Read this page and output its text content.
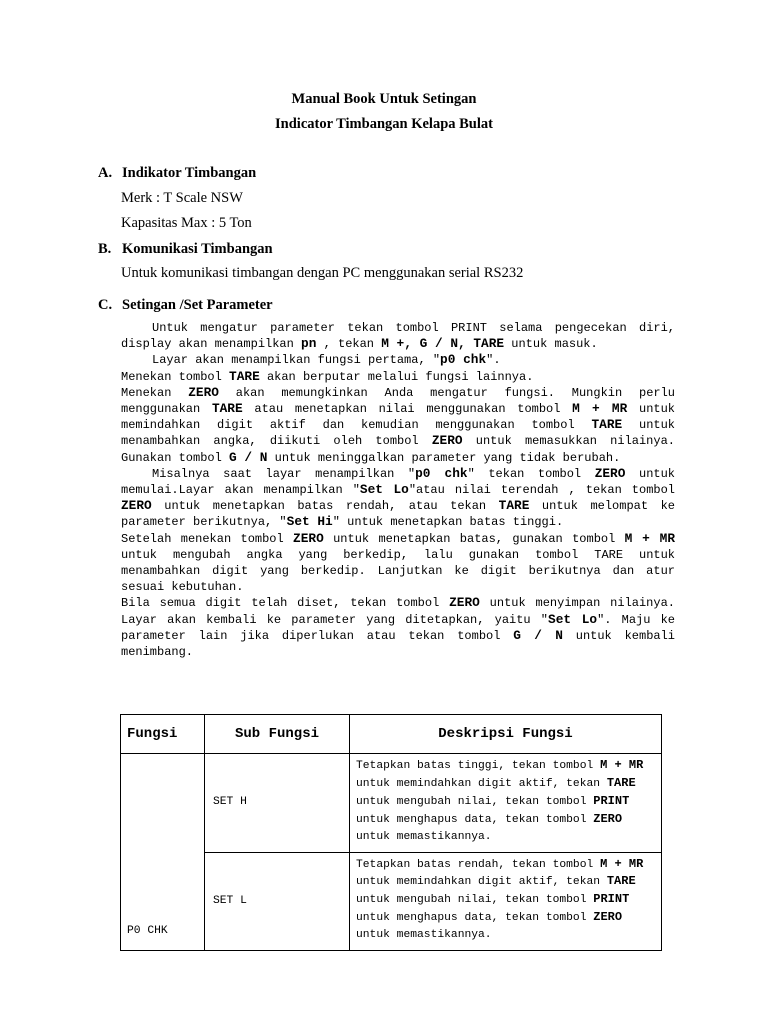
Manual Book Untuk Setingan
Indicator Timbangan Kelapa Bulat
A. Indikator Timbangan
Merk : T Scale NSW
Kapasitas Max : 5 Ton
B. Komunikasi Timbangan
Untuk komunikasi timbangan dengan PC menggunakan serial RS232
C. Setingan /Set Parameter

Untuk mengatur parameter tekan tombol PRINT selama pengecekan diri, display akan menampilkan pn , tekan M +, G / N, TARE untuk masuk.

Layar akan menampilkan fungsi pertama, "p0 chk".

Menekan tombol TARE akan berputar melalui fungsi lainnya.

Menekan ZERO akan memungkinkan Anda mengatur fungsi. Mungkin perlu menggunakan TARE atau menetapkan nilai menggunakan tombol M + MR untuk memindahkan digit aktif dan kemudian menggunakan tombol TARE untuk menambahkan angka, diikuti oleh tombol ZERO untuk memasukkan nilainya. Gunakan tombol G / N untuk meninggalkan parameter yang tidak berubah.

Misalnya saat layar menampilkan "p0 chk" tekan tombol ZERO untuk memulai.Layar akan menampilkan "Set Lo"atau nilai terendah , tekan tombol ZERO untuk menetapkan batas rendah, atau tekan TARE untuk melompat ke parameter berikutnya, "Set Hi" untuk menetapkan batas tinggi.

Setelah menekan tombol ZERO untuk menetapkan batas, gunakan tombol M + MR untuk mengubah angka yang berkedip, lalu gunakan tombol TARE untuk menambahkan digit yang berkedip. Lanjutkan ke digit berikutnya dan atur sesuai kebutuhan.

Bila semua digit telah diset, tekan tombol ZERO untuk menyimpan nilainya. Layar akan kembali ke parameter yang ditetapkan, yaitu "Set Lo". Maju ke parameter lain jika diperlukan atau tekan tombol G / N untuk kembali menimbang.

Fungsi	Sub Fungsi	Deskripsi Fungsi
P0 CHK	SET H	Tetapkan batas tinggi, tekan tombol M + MR untuk memindahkan digit aktif, tekan TARE untuk mengubah nilai, tekan tombol PRINT untuk menghapus data, tekan tombol ZERO untuk memastikannya.
	SET L	Tetapkan batas rendah, tekan tombol M + MR untuk memindahkan digit aktif, tekan TARE untuk mengubah nilai, tekan tombol PRINT untuk menghapus data, tekan tombol ZERO untuk memastikannya.
